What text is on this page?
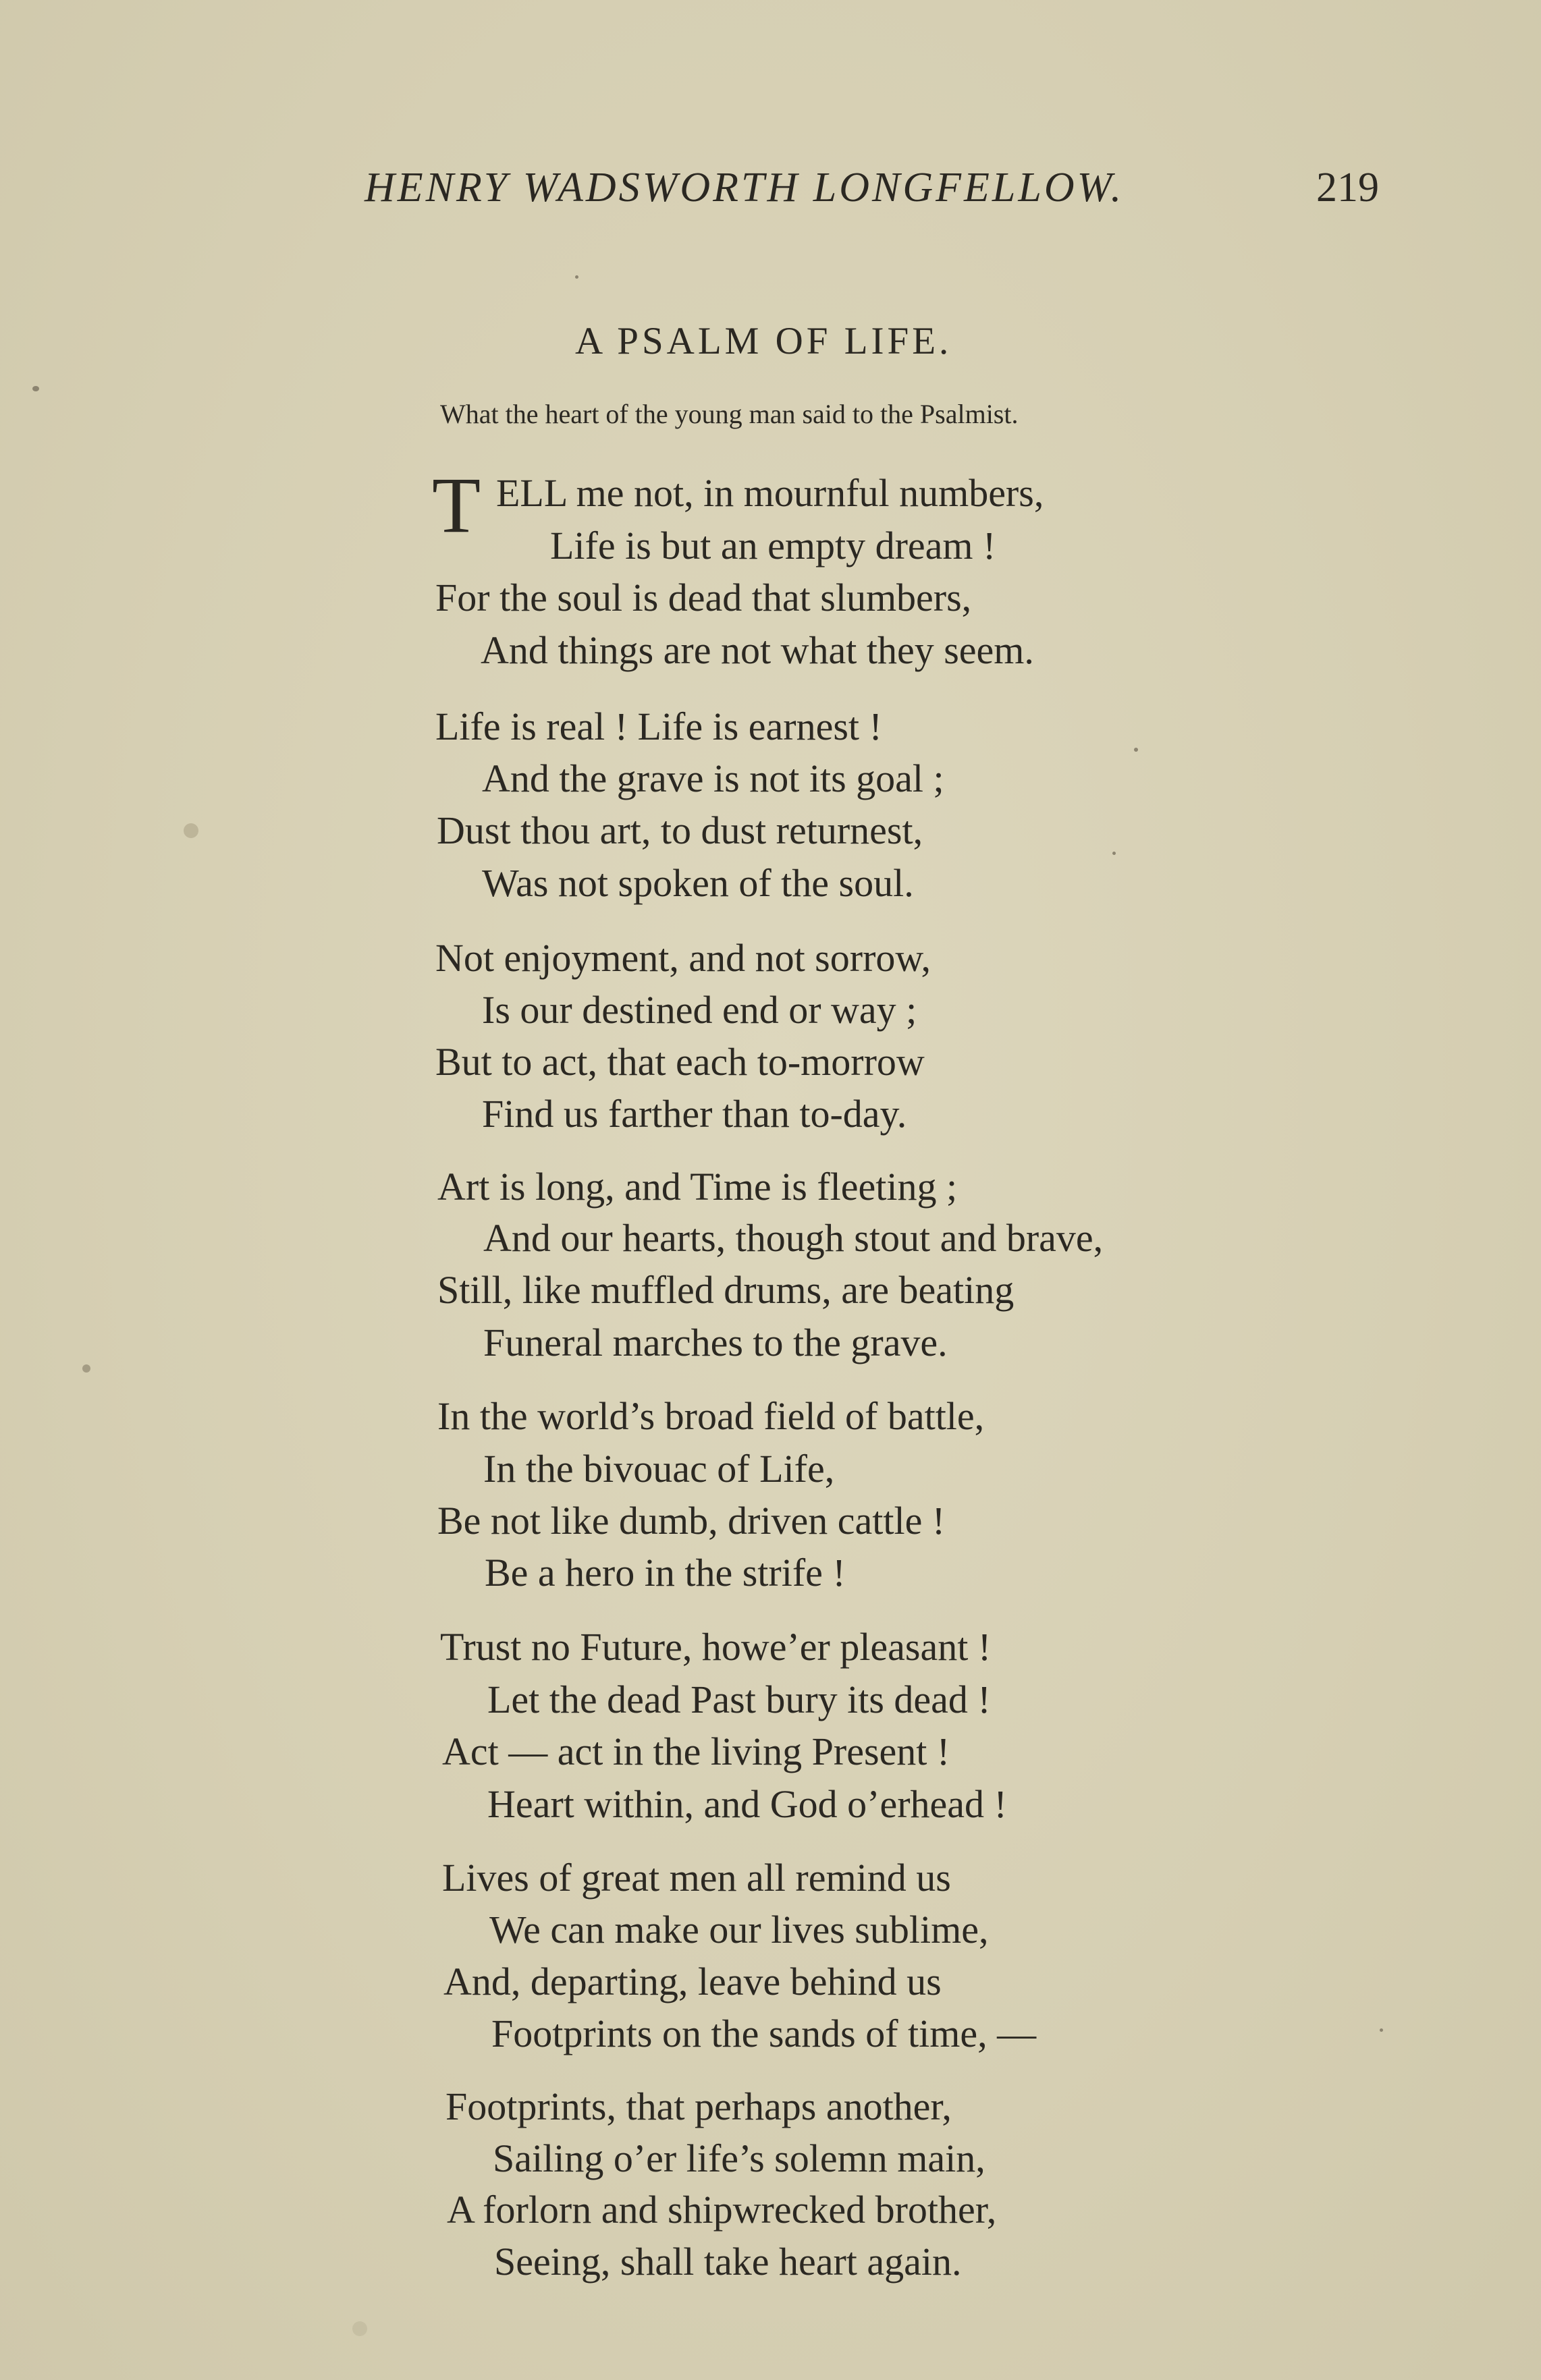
HENRY WADSWORTH LONGFELLOW.	219
A PSALM OF LIFE.
What the heart of the young man said to the Psalmist.
T ELL me not, in mournful numbers,
Life is but an empty dream !
For the soul is dead that slumbers,
And things are not what they seem.
Life is real ! Life is earnest !
And the grave is not its goal ;
Dust thou art, to dust returnest,
Was not spoken of the soul.
Not enjoyment, and not sorrow,
Is our destined end or way ;
But to act, that each to-morrow
Find us farther than to-day.
Art is long, and Time is fleeting ;
And our hearts, though stout and brave,
Still, like muffled drums, are beating
Funeral marches to the grave.
In the world’s broad field of battle,
In the bivouac of Life,
Be not like dumb, driven cattle !
Be a hero in the strife !
Trust no Future, howe’er pleasant !
Let the dead Past bury its dead !
Act — act in the living Present !
Heart within, and God o’erhead !
Lives of great men all remind us
We can make our lives sublime,
And, departing, leave behind us
Footprints on the sands of time, —
Footprints, that perhaps another,
Sailing o’er life’s solemn main,
A forlorn and shipwrecked brother,
Seeing, shall take heart again.
